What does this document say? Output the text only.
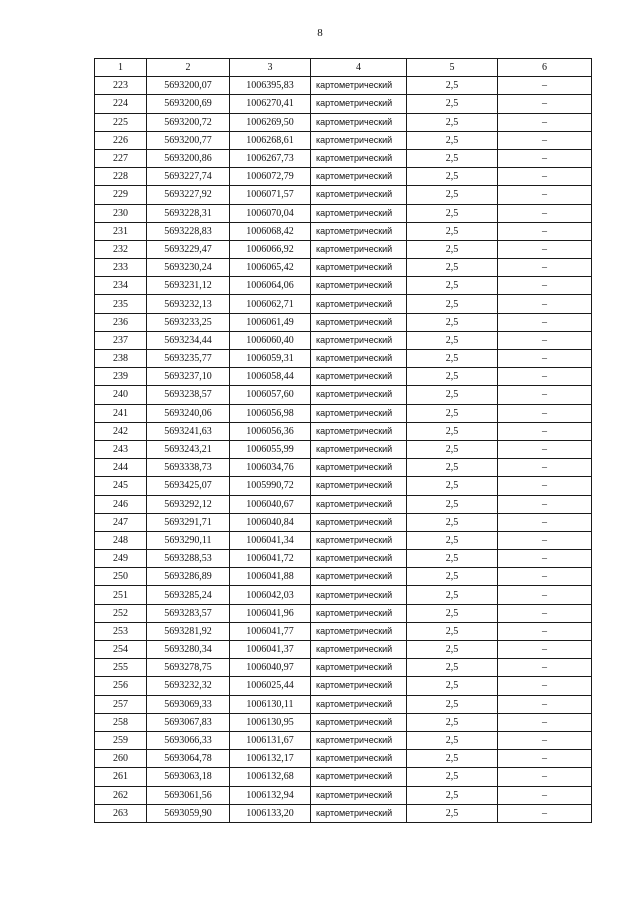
8
1	2	3	4	5	6
223	5693200,07	1006395,83	картометрический	2,5	–
224	5693200,69	1006270,41	картометрический	2,5	–
225	5693200,72	1006269,50	картометрический	2,5	–
226	5693200,77	1006268,61	картометрический	2,5	–
227	5693200,86	1006267,73	картометрический	2,5	–
228	5693227,74	1006072,79	картометрический	2,5	–
229	5693227,92	1006071,57	картометрический	2,5	–
230	5693228,31	1006070,04	картометрический	2,5	–
231	5693228,83	1006068,42	картометрический	2,5	–
232	5693229,47	1006066,92	картометрический	2,5	–
233	5693230,24	1006065,42	картометрический	2,5	–
234	5693231,12	1006064,06	картометрический	2,5	–
235	5693232,13	1006062,71	картометрический	2,5	–
236	5693233,25	1006061,49	картометрический	2,5	–
237	5693234,44	1006060,40	картометрический	2,5	–
238	5693235,77	1006059,31	картометрический	2,5	–
239	5693237,10	1006058,44	картометрический	2,5	–
240	5693238,57	1006057,60	картометрический	2,5	–
241	5693240,06	1006056,98	картометрический	2,5	–
242	5693241,63	1006056,36	картометрический	2,5	–
243	5693243,21	1006055,99	картометрический	2,5	–
244	5693338,73	1006034,76	картометрический	2,5	–
245	5693425,07	1005990,72	картометрический	2,5	–
246	5693292,12	1006040,67	картометрический	2,5	–
247	5693291,71	1006040,84	картометрический	2,5	–
248	5693290,11	1006041,34	картометрический	2,5	–
249	5693288,53	1006041,72	картометрический	2,5	–
250	5693286,89	1006041,88	картометрический	2,5	–
251	5693285,24	1006042,03	картометрический	2,5	–
252	5693283,57	1006041,96	картометрический	2,5	–
253	5693281,92	1006041,77	картометрический	2,5	–
254	5693280,34	1006041,37	картометрический	2,5	–
255	5693278,75	1006040,97	картометрический	2,5	–
256	5693232,32	1006025,44	картометрический	2,5	–
257	5693069,33	1006130,11	картометрический	2,5	–
258	5693067,83	1006130,95	картометрический	2,5	–
259	5693066,33	1006131,67	картометрический	2,5	–
260	5693064,78	1006132,17	картометрический	2,5	–
261	5693063,18	1006132,68	картометрический	2,5	–
262	5693061,56	1006132,94	картометрический	2,5	–
263	5693059,90	1006133,20	картометрический	2,5	–
